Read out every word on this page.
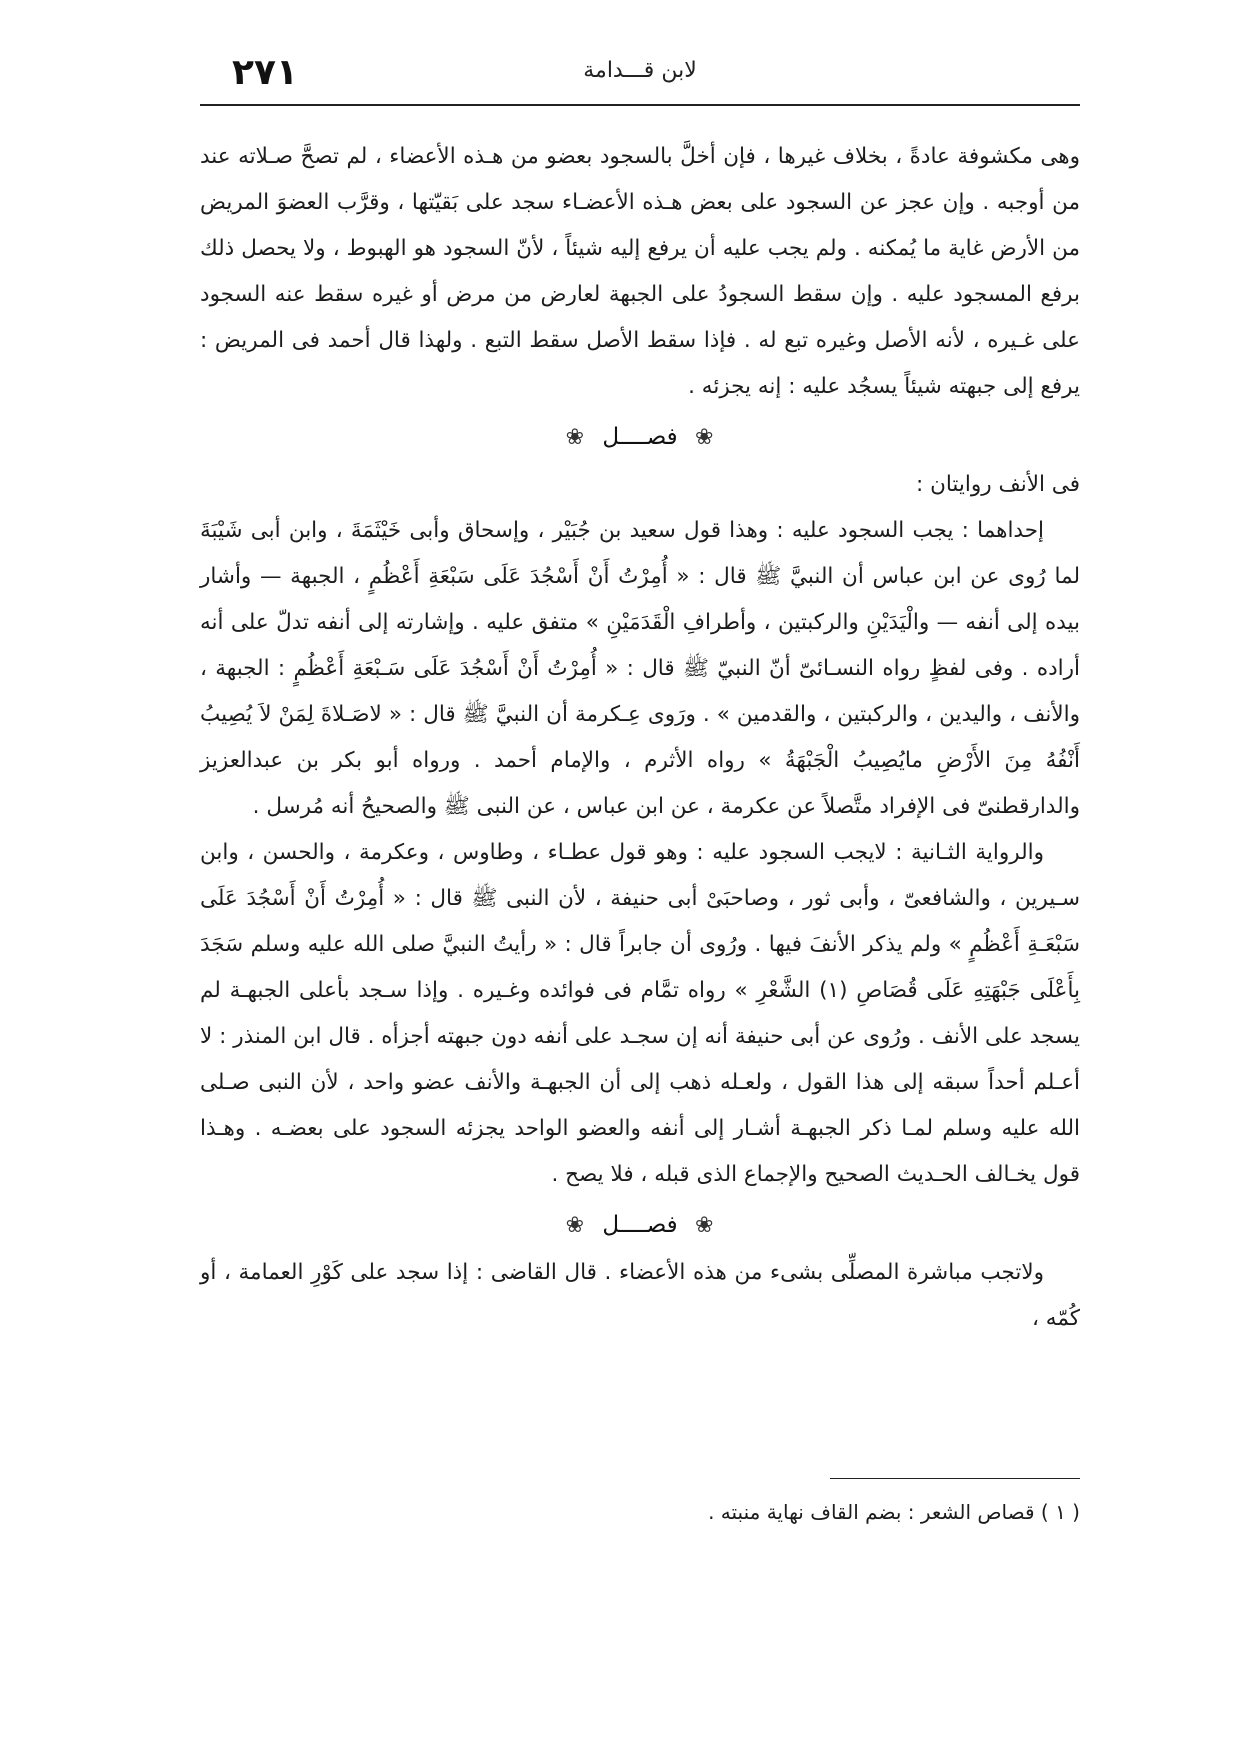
لابن قـــدامة
٢٧١

وهى مكشوفة عادةً ، بخلاف غيرها ، فإن أخلَّ بالسجود بعضو من هـذه الأعضاء ، لم تصحَّ صـلاته عند من أوجبه . وإن عجز عن السجود على بعض هـذه الأعضـاء سجد على بَقيّتها ، وقرَّب العضوَ المريض من الأرض غاية ما يُمكنه . ولم يجب عليه أن يرفع إليه شيئاً ، لأنّ السجود هو الهبوط ، ولا يحصل ذلك برفع المسجود عليه . وإن سقط السجودُ على الجبهة لعارض من مرض أو غيره سقط عنه السجود على غـيره ، لأنه الأصل وغيره تبع له . فإذا سقط الأصل سقط التبع . ولهذا قال أحمد فى المريض : يرفع إلى جبهته شيئاً يسجُد عليه : إنه يجزئه .

❀ فصــــل ❀

فى الأنف روايتان :

إحداهما : يجب السجود عليه : وهذا قول سعيد بن جُبَيْر ، وإسحاق وأبى خَيْثَمَةَ ، وابن أبى شَيْبَةَ لما رُوى عن ابن عباس أن النبيَّ ﷺ قال : « أُمِرْتُ أَنْ أَسْجُدَ عَلَى سَبْعَةِ أَعْظُمٍ ، الجبهة — وأشار بيده إلى أنفه — والْيَدَيْنِ والركبتين ، وأطرافِ الْقَدَمَيْنِ » متفق عليه . وإشارته إلى أنفه تدلّ على أنه أراده . وفى لفظٍ رواه النسـائىّ أنّ النبيّ ﷺ قال : « أُمِرْتُ أَنْ أَسْجُدَ عَلَى سَـبْعَةِ أَعْظُمٍ : الجبهة ، والأنف ، واليدين ، والركبتين ، والقدمين » . ورَوى عِـكرمة أن النبيَّ ﷺ قال : « لاصَـلاةَ لِمَنْ لاَ يُصِيبُ أَنْفُهُ مِنَ الأَرْضِ مايُصِيبُ الْجَبْهَةُ » رواه الأثرم ، والإمام أحمد . ورواه أبو بكر بن عبدالعزيز والدارقطنىّ فى الإفراد متَّصلاً عن عكرمة ، عن ابن عباس ، عن النبى ﷺ والصحيحُ أنه مُرسل .

والرواية الثـانية : لايجب السجود عليه : وهو قول عطـاء ، وطاوس ، وعكرمة ، والحسن ، وابن سـيرين ، والشافعىّ ، وأبى ثور ، وصاحبَىْ أبى حنيفة ، لأن النبى ﷺ قال : « أُمِرْتُ أَنْ أَسْجُدَ عَلَى سَبْعَـةِ أَعْظُمٍ » ولم يذكر الأنفَ فيها . ورُوى أن جابراً قال : « رأيتُ النبيَّ صلى الله عليه وسلم سَجَدَ بِأَعْلَى جَبْهَتِهِ عَلَى قُصَاصِ (١) الشَّعْرِ » رواه تمَّام فى فوائده وغـيره . وإذا سـجد بأعلى الجبهـة لم يسجد على الأنف . ورُوى عن أبى حنيفة أنه إن سجـد على أنفه دون جبهته أجزأه . قال ابن المنذر : لا أعـلم أحداً سبقه إلى هذا القول ، ولعـله ذهب إلى أن الجبهـة والأنف عضو واحد ، لأن النبى صـلى الله عليه وسلم لمـا ذكر الجبهـة أشـار إلى أنفه والعضو الواحد يجزئه السجود على بعضـه . وهـذا قول يخـالف الحـديث الصحيح والإجماع الذى قبله ، فلا يصح .

❀ فصــــل ❀

ولاتجب مباشرة المصلِّى بشىء من هذه الأعضاء . قال القاضى : إذا سجد على كَوْرِ العمامة ، أو كُمّه ،

( ١ ) قصاص الشعر : بضم القاف نهاية منبته .
